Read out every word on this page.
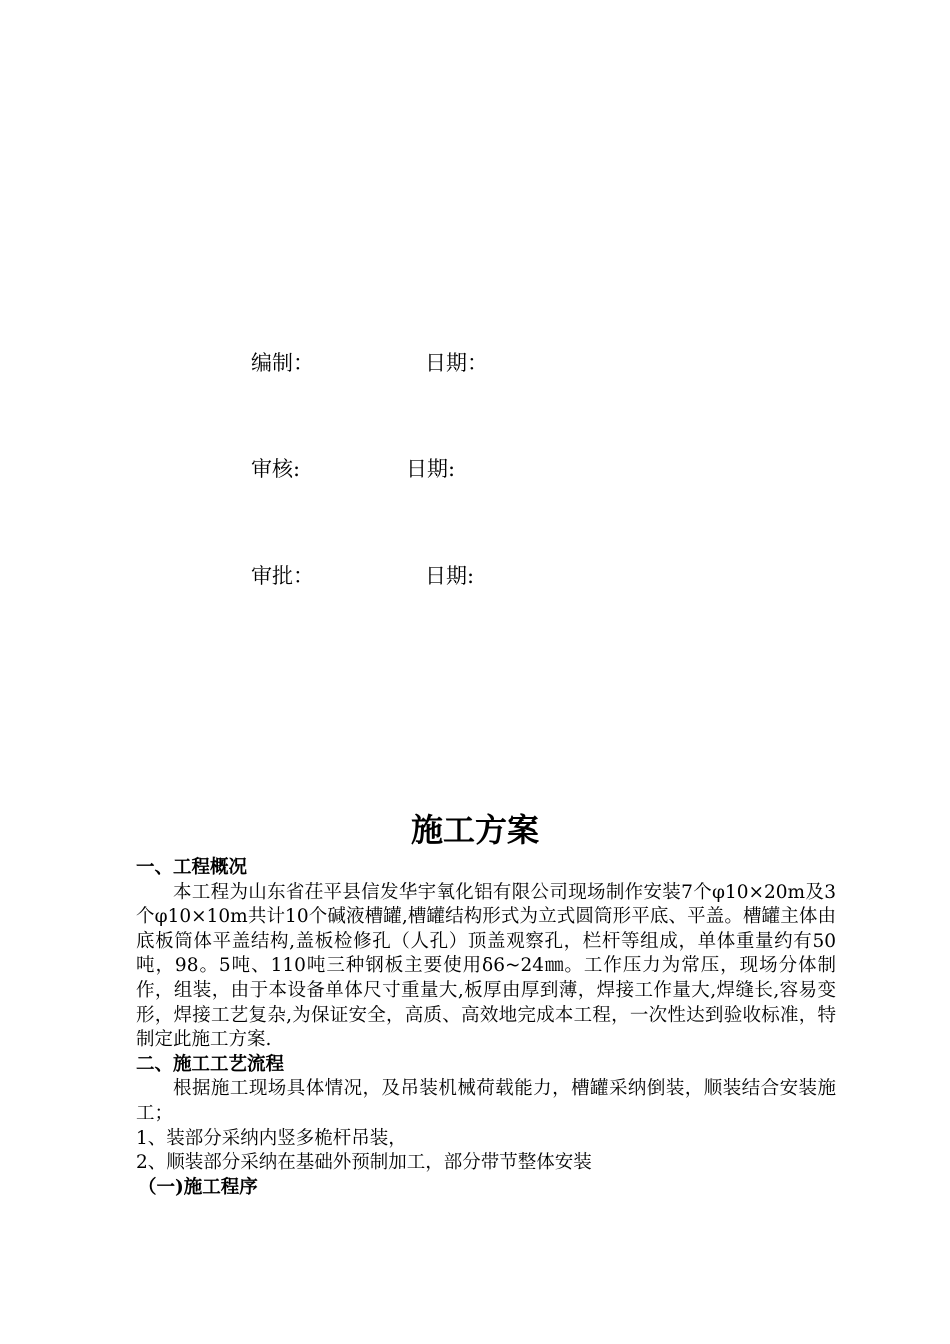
编制：	日期：
审核:	日期:
审批：	日期:
施工方案

一、工程概况

本工程为山东省茌平县信发华宇氧化铝有限公司现场制作安装7个φ10×20m及3个φ10×10m共计10个碱液槽罐,槽罐结构形式为立式圆筒形平底、平盖。槽罐主体由底板筒体平盖结构,盖板检修孔（人孔）顶盖观察孔，栏杆等组成，单体重量约有50吨，98。5吨、110吨三种钢板主要使用δ6~24㎜。工作压力为常压，现场分体制作，组装，由于本设备单体尺寸重量大,板厚由厚到薄，焊接工作量大,焊缝长,容易变形，焊接工艺复杂,为保证安全，高质、高效地完成本工程，一次性达到验收标准，特制定此施工方案.

二、施工工艺流程

根据施工现场具体情况，及吊装机械荷载能力，槽罐采纳倒装，顺装结合安装施工；

1、装部分采纳内竖多桅杆吊装，

2、顺装部分采纳在基础外预制加工，部分带节整体安装

（一)施工程序
